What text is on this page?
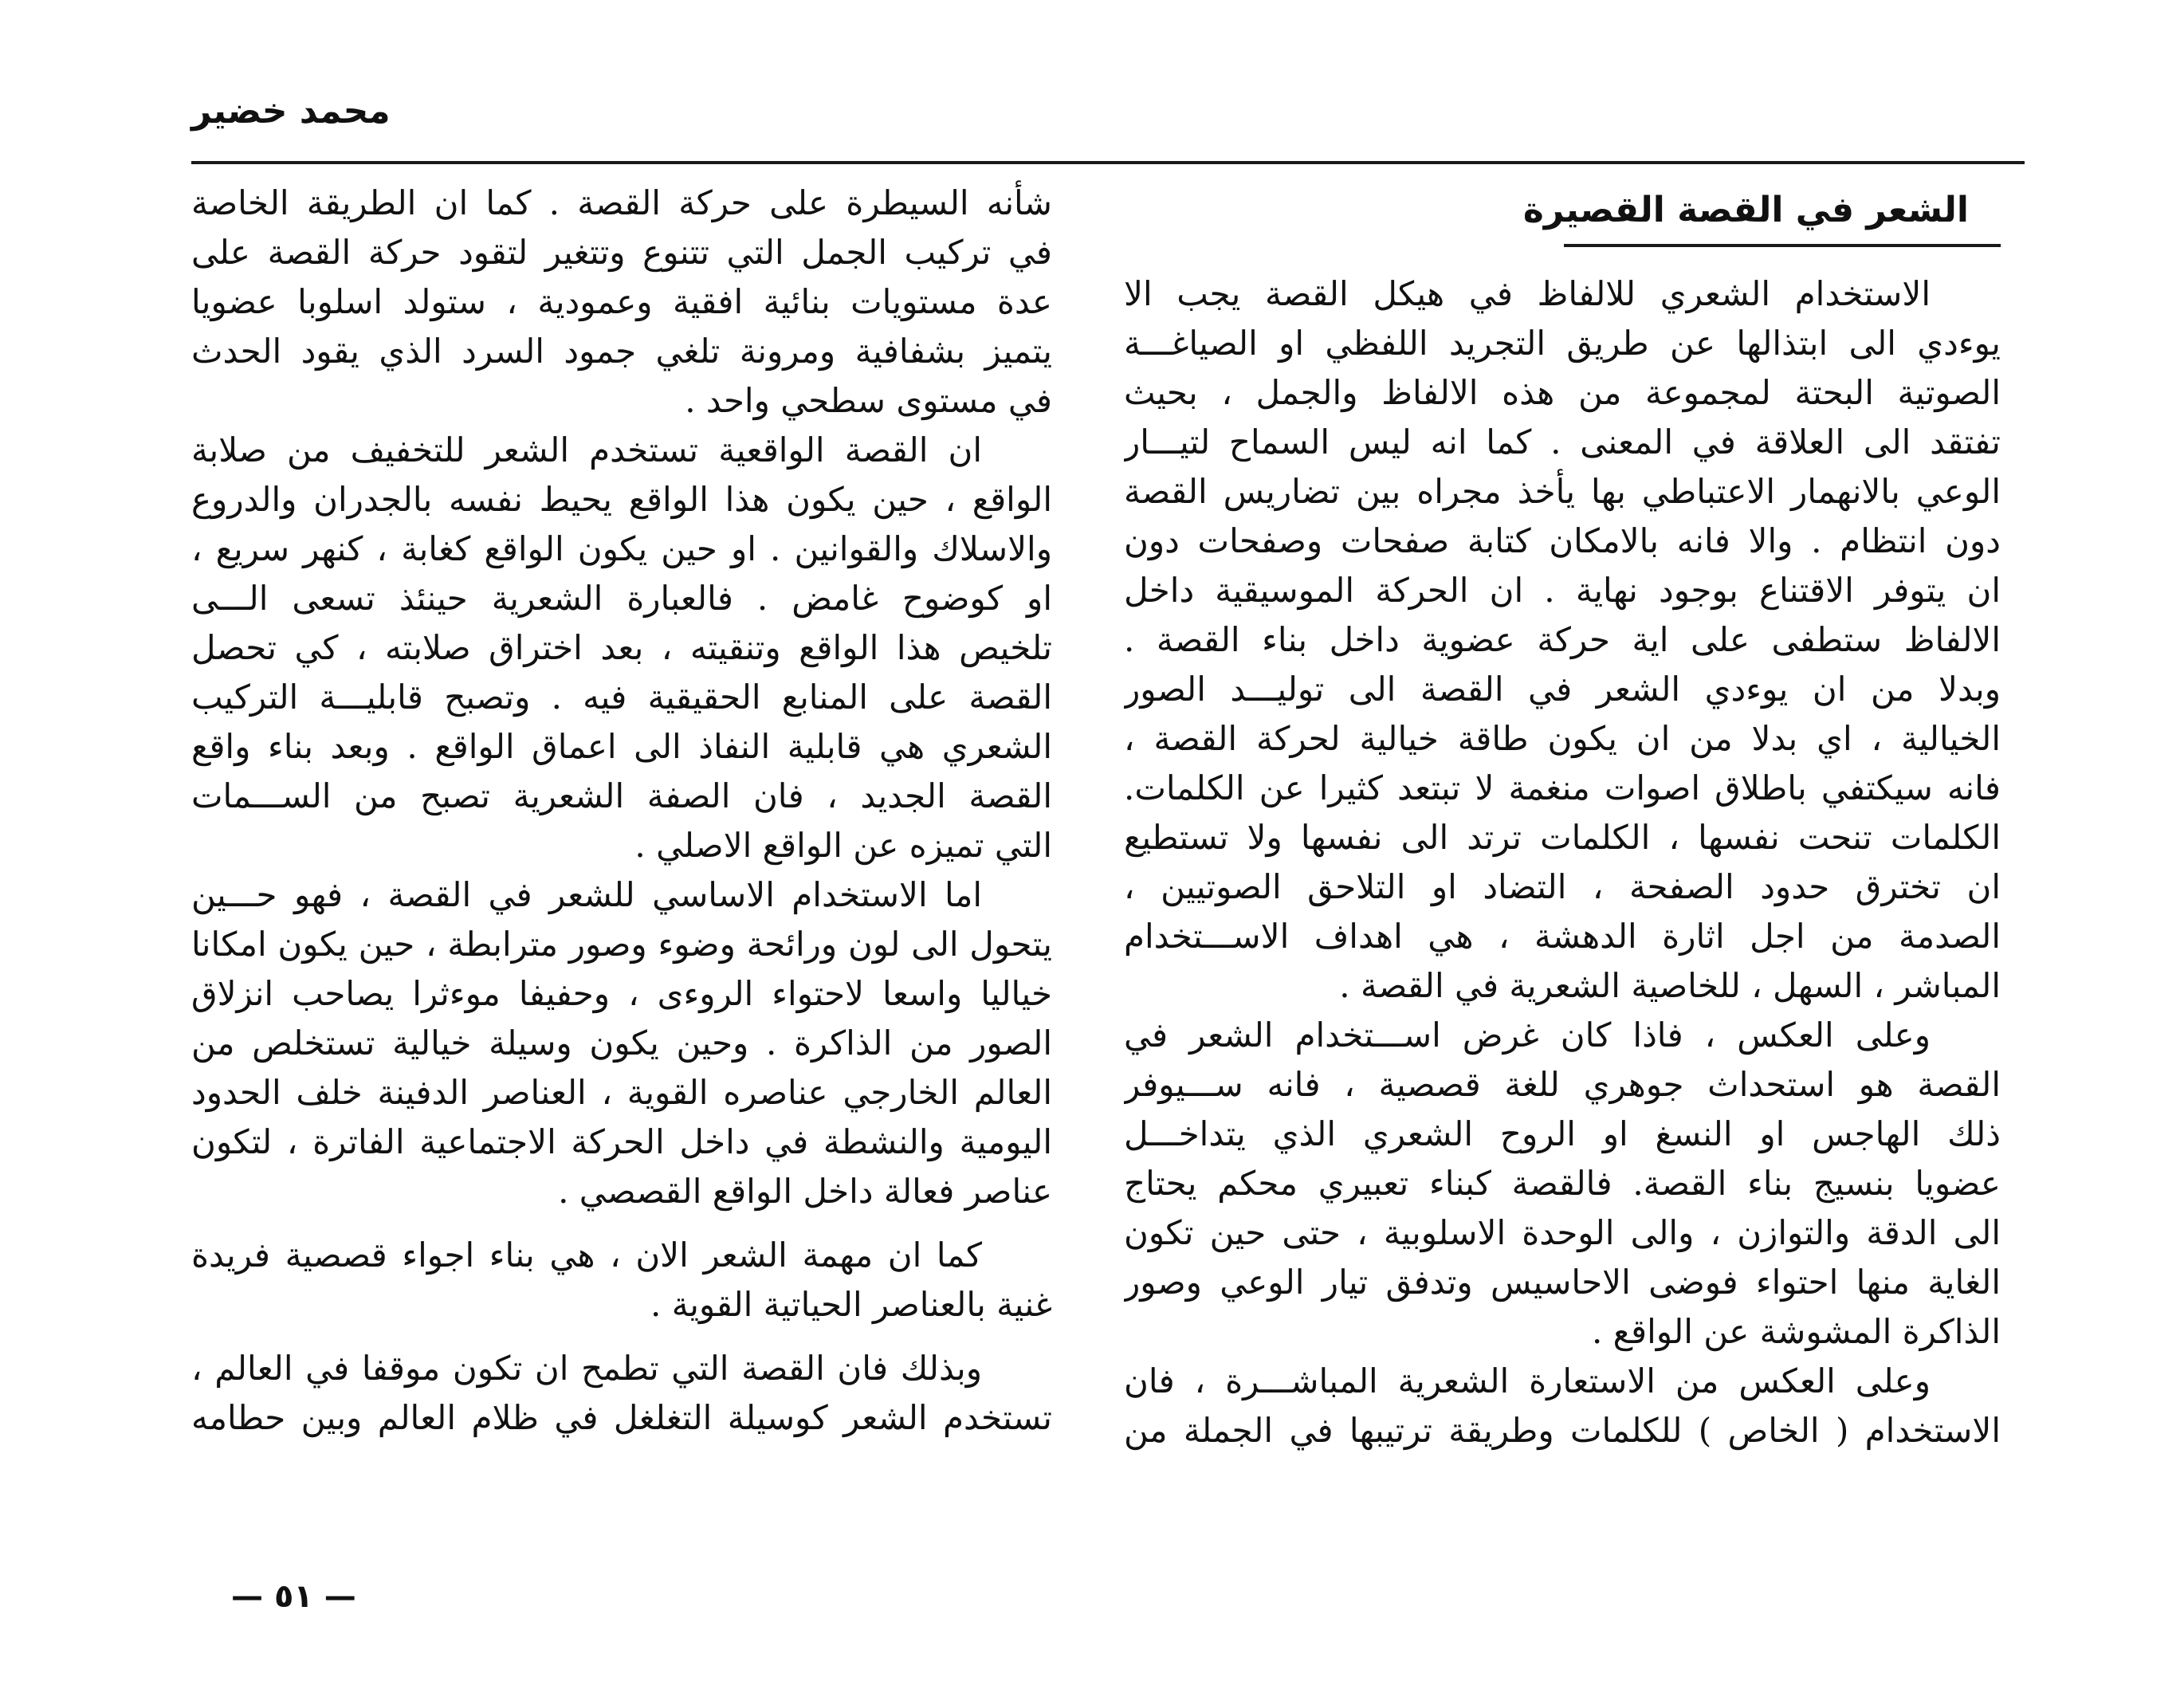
محمد خضير
الشعر في القصة القصيرة
الاستخدام الشعري للالفاظ في هيكل القصة يجب الا
يوءدي الى ابتذالها عن طريق التجريد اللفظي او الصياغـــة
الصوتية البحتة لمجموعة من هذه الالفاظ والجمل ، بحيث
تفتقد الى العلاقة في المعنى . كما انه ليس السماح لتيـــار
الوعي بالانهمار الاعتباطي بها يأخذ مجراه بين تضاريس القصة
دون انتظام . والا فانه بالامكان كتابة صفحات وصفحات دون
ان يتوفر الاقتناع بوجود نهاية . ان الحركة الموسيقية داخل
الالفاظ ستطفى على اية حركة عضوية داخل بناء القصة .
وبدلا من ان يوءدي الشعر في القصة الى توليـــد الصور
الخيالية ، اي بدلا من ان يكون طاقة خيالية لحركة القصة ،
فانه سيكتفي باطلاق اصوات منغمة لا تبتعد كثيرا عن الكلمات.
الكلمات تنحت نفسها ، الكلمات ترتد الى نفسها ولا تستطيع
ان تخترق حدود الصفحة ، التضاد او التلاحق الصوتيين ،
الصدمة من اجل اثارة الدهشة ، هي اهداف الاســـتخدام
المباشر ، السهل ، للخاصية الشعرية في القصة .
وعلى العكس ، فاذا كان غرض اســـتخدام الشعر في
القصة هو استحداث جوهري للغة قصصية ، فانه ســـيوفر
ذلك الهاجس او النسغ او الروح الشعري الذي يتداخـــل
عضويا بنسيج بناء القصة. فالقصة كبناء تعبيري محكم يحتاج
الى الدقة والتوازن ، والى الوحدة الاسلوبية ، حتى حين تكون
الغاية منها احتواء فوضى الاحاسيس وتدفق تيار الوعي وصور
الذاكرة المشوشة عن الواقع .
وعلى العكس من الاستعارة الشعرية المباشـــرة ، فان
الاستخدام ( الخاص ) للكلمات وطريقة ترتيبها في الجملة من
شأنه السيطرة على حركة القصة . كما ان الطريقة الخاصة
في تركيب الجمل التي تتنوع وتتغير لتقود حركة القصة على
عدة مستويات بنائية افقية وعمودية ، ستولد اسلوبا عضويا
يتميز بشفافية ومرونة تلغي جمود السرد الذي يقود الحدث
في مستوى سطحي واحد .
ان القصة الواقعية تستخدم الشعر للتخفيف من صلابة
الواقع ، حين يكون هذا الواقع يحيط نفسه بالجدران والدروع
والاسلاك والقوانين . او حين يكون الواقع كغابة ، كنهر سريع ،
او كوضوح غامض . فالعبارة الشعرية حينئذ تسعى الـــى
تلخيص هذا الواقع وتنقيته ، بعد اختراق صلابته ، كي تحصل
القصة على المنابع الحقيقية فيه . وتصبح قابليـــة التركيب
الشعري هي قابلية النفاذ الى اعماق الواقع . وبعد بناء واقع
القصة الجديد ، فان الصفة الشعرية تصبح من الســـمات
التي تميزه عن الواقع الاصلي .
اما الاستخدام الاساسي للشعر في القصة ، فهو حـــين
يتحول الى لون ورائحة وضوء وصور مترابطة ، حين يكون امكانا
خياليا واسعا لاحتواء الروءى ، وحفيفا موءثرا يصاحب انزلاق
الصور من الذاكرة . وحين يكون وسيلة خيالية تستخلص من
العالم الخارجي عناصره القوية ، العناصر الدفينة خلف الحدود
اليومية والنشطة في داخل الحركة الاجتماعية الفاترة ، لتكون
عناصر فعالة داخل الواقع القصصي .
كما ان مهمة الشعر الان ، هي بناء اجواء قصصية فريدة
غنية بالعناصر الحياتية القوية .
وبذلك فان القصة التي تطمح ان تكون موقفا في العالم ،
تستخدم الشعر كوسيلة التغلغل في ظلام العالم وبين حطامه
— ٥١ —
